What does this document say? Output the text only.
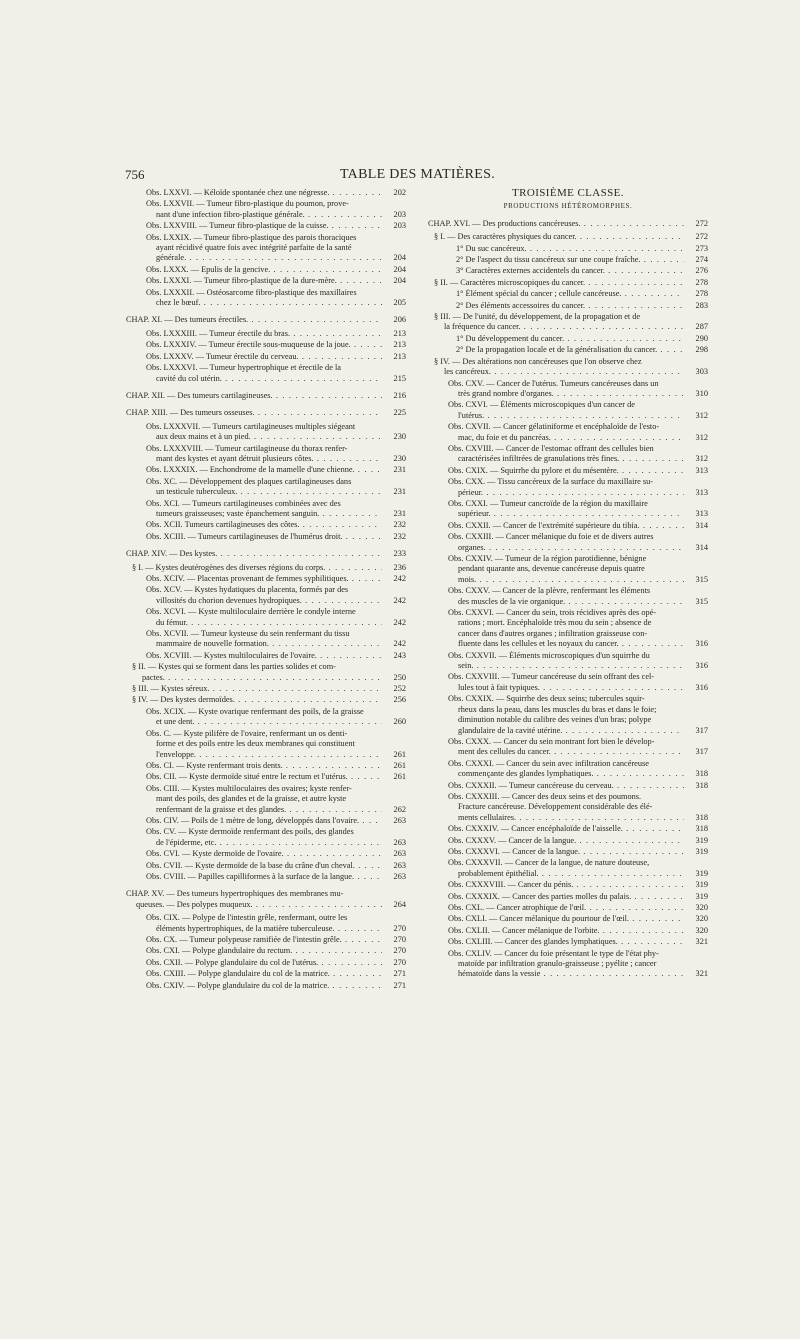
756	TABLE DES MATIÈRES.
Obs. LXXVI. — Kéloïde spontanée chez une négresse. . . .	202
Obs. LXXVII. — Tumeur fibro-plastique du poumon, prove-
nant d'une infection fibro-plastique générale. . . .	203
Obs. LXXVIII. — Tumeur fibro-plastique de la cuisse. . . .	203
Obs. LXXIX. — Tumeur fibro-plastique des parois thoraciques
ayant récidivé quatre fois avec intégrité parfaite de la santé
générale. . . .	204
Obs. LXXX. — Epulis de la gencive. . . .	204
Obs. LXXXI. — Tumeur fibro-plastique de la dure-mère. . . .	204
Obs. LXXXII. — Ostéosarcome fibro-plastique des maxillaires
chez le bœuf. . . .	205
CHAP. XI. — Des tumeurs érectiles. . . .	206
Obs. LXXXIII. — Tumeur érectile du bras. . . .	213
Obs. LXXXIV. — Tumeur érectile sous-muqueuse de la joue. . . .	213
Obs. LXXXV. — Tumeur érectile du cerveau. . . .	213
Obs. LXXXVI. — Tumeur hypertrophique et érectile de la
cavité du col utérin. . . .	215
CHAP. XII. — Des tumeurs cartilagineuses. . . .	216
CHAP. XIII. — Des tumeurs osseuses. . . .	225
Obs. LXXXVII. — Tumeurs cartilagineuses multiples siégeant
aux deux mains et à un pied. . . .	230
Obs. LXXXVIII. — Tumeur cartilagineuse du thorax renfer-
mant des kystes et ayant détruit plusieurs côtes. . . .	230
Obs. LXXXIX. — Enchondrome de la mamelle d'une chienne. . . .	231
Obs. XC. — Développement des plaques cartilagineuses dans
un testicule tuberculeux. . . .	231
Obs. XCI. — Tumeurs cartilagineuses combinées avec des
tumeurs graisseuses; vaste épanchement sanguin. . . .	231
Obs. XCII. Tumeurs cartilagineuses des côtes. . . .	232
Obs. XCIII. — Tumeurs cartilagineuses de l'humérus droit. . . .	232
CHAP. XIV. — Des kystes. . . .	233
§ I. — Kystes deutérogènes des diverses régions du corps. . . .	236
Obs. XCIV. — Placentas provenant de femmes syphilitiques. . . .	242
Obs. XCV. — Kystes hydatiques du placenta, formés par des
villosités du chorion devenues hydropiques. . . .	242
Obs. XCVI. — Kyste multiloculaire derrière le condyle interne
du fémur. . . .	242
Obs. XCVII. — Tumeur kysteuse du sein renfermant du tissu
mammaire de nouvelle formation. . . .	242
Obs. XCVIII. — Kystes multiloculaires de l'ovaire. . . .	243
§ II. — Kystes qui se forment dans les parties solides et com-
pactes. . . .	250
§ III. — Kystes séreux. . . .	252
§ IV. — Des kystes dermoïdes. . . .	256
Obs. XCIX. — Kyste ovarique renfermant des poils, de la graisse
et une dent. . . .	260
Obs. C. — Kyste pilifère de l'ovaire, renfermant un os denti-
forme et des poils entre les deux membranes qui constituent
l'enveloppe. . . .	261
Obs. CI. — Kyste renfermant trois dents. . . .	261
Obs. CII. — Kyste dermoïde situé entre le rectum et l'utérus. . . .	261
Obs. CIII. — Kystes multiloculaires des ovaires; kyste renfer-
mant des poils, des glandes et de la graisse, et autre kyste
renfermant de la graisse et des glandes. . . .	262
Obs. CIV. — Poils de 1 mètre de long, développés dans l'ovaire. . . .	263
Obs. CV. — Kyste dermoïde renfermant des poils, des glandes
de l'épiderme, etc. . . .	263
Obs. CVI. — Kyste dermoïde de l'ovaire. . . .	263
Obs. CVII. — Kyste dermoïde de la base du crâne d'un cheval. . . .	263
Obs. CVIII. — Papilles capilliformes à la surface de la langue. . . .	263
CHAP. XV. — Des tumeurs hypertrophiques des membranes mu-
queuses. — Des polypes muqueux. . . .	264
Obs. CIX. — Polype de l'intestin grêle, renfermant, outre les
éléments hypertrophiques, de la matière tuberculeuse. . . .	270
Obs. CX. — Tumeur polypeuse ramifiée de l'intestin grêle. . . .	270
Obs. CXI. — Polype glandulaire du rectum. . . .	270
Obs. CXII. — Polype glandulaire du col de l'utérus. . . .	270
Obs. CXIII. — Polype glandulaire du col de la matrice. . . .	271
Obs. CXIV. — Polype glandulaire du col de la matrice. . . .	271
TROISIÈME CLASSE.
PRODUCTIONS HÉTÉROMORPHES.
CHAP. XVI. — Des productions cancéreuses. . . .	272
§ I. — Des caractères physiques du cancer. . . .	272
1° Du suc cancéreux. . . .	273
2° De l'aspect du tissu cancéreux sur une coupe fraîche. . . .	274
3° Caractères externes accidentels du cancer. . . .	276
§ II. — Caractères microscopiques du cancer. . . .	278
1° Élément spécial du cancer ; cellule cancéreuse. . . .	278
2° Des éléments accessoires du cancer. . . .	283
§ III. — De l'unité, du développement, de la propagation et de
la fréquence du cancer. . . .	287
1° Du développement du cancer. . . .	290
2° De la propagation locale et de la généralisation du cancer. . . .	298
§ IV. — Des altérations non cancéreuses que l'on observe chez
les cancéreux. . . .	303
Obs. CXV. — Cancer de l'utérus. Tumeurs cancéreuses dans un
très grand nombre d'organes. . . .	310
Obs. CXVI. — Éléments microscopiques d'un cancer de
l'utérus. . . .	312
Obs. CXVII. — Cancer gélatiniforme et encéphaloïde de l'esto-
mac, du foie et du pancréas. . . .	312
Obs. CXVIII. — Cancer de l'estomac offrant des cellules bien
caractérisées infiltrées de granulations très fines. . . .	312
Obs. CXIX. — Squirrhe du pylore et du mésentère. . . .	313
Obs. CXX. — Tissu cancéreux de la surface du maxillaire su-
périeur. . . .	313
Obs. CXXI. — Tumeur cancroïde de la région du maxillaire
supérieur. . . .	313
Obs. CXXII. — Cancer de l'extrémité supérieure du tibia. . . .	314
Obs. CXXIII. — Cancer mélanique du foie et de divers autres
organes. . . .	314
Obs. CXXIV. — Tumeur de la région parotidienne, bénigne
pendant quarante ans, devenue cancéreuse depuis quatre
mois. . . .	315
Obs. CXXV. — Cancer de la plèvre, renfermant les éléments
des muscles de la vie organique. . . .	315
Obs. CXXVI. — Cancer du sein, trois récidives après des opé-
rations ; mort. Encéphaloïde très mou du sein ; absence de
cancer dans d'autres organes ; infiltration graisseuse con-
fluente dans les cellules et les noyaux du cancer. . . .	316
Obs. CXXVII. — Éléments microscopiques d'un squirrhe du
sein. . . .	316
Obs. CXXVIII. — Tumeur cancéreuse du sein offrant des cel-
lules tout à fait typiques. . . .	316
Obs. CXXIX. — Squirrhe des deux seins; tubercules squir-
rheux dans la peau, dans les muscles du bras et dans le foie;
diminution notable du calibre des veines d'un bras; polype
glandulaire de la cavité utérine. . . .	317
Obs. CXXX. — Cancer du sein montrant fort bien le dévelop-
ment des cellules du cancer. . . .	317
Obs. CXXXI. — Cancer du sein avec infiltration cancéreuse
commençante des glandes lymphatiques. . . .	318
Obs. CXXXII. — Tumeur cancéreuse du cerveau. . . .	318
Obs. CXXXIII. — Cancer des deux seins et des poumons.
Fracture cancéreuse. Développement considérable des élé-
ments cellulaires. . . .	318
Obs. CXXXIV. — Cancer encéphaloïde de l'aisselle. . . .	318
Obs. CXXXV. — Cancer de la langue. . . .	319
Obs. CXXXVI. — Cancer de la langue. . . .	319
Obs. CXXXVII. — Cancer de la langue, de nature douteuse,
probablement épithélial. . . .	319
Obs. CXXXVIII. — Cancer du pénis. . . .	319
Obs. CXXXIX. — Cancer des parties molles du palais. . . .	319
Obs. CXL. — Cancer atrophique de l'œil. . . .	320
Obs. CXLI. — Cancer mélanique du pourtour de l'œil. . . .	320
Obs. CXLII. — Cancer mélanique de l'orbite. . . .	320
Obs. CXLIII. — Cancer des glandes lymphatiques. . . .	321
Obs. CXLIV. — Cancer du foie présentant le type de l'état phy-
matoïde par infiltration granulo-graisseuse ; pyélite ; cancer
hématoïde dans la vessie . . .	321
